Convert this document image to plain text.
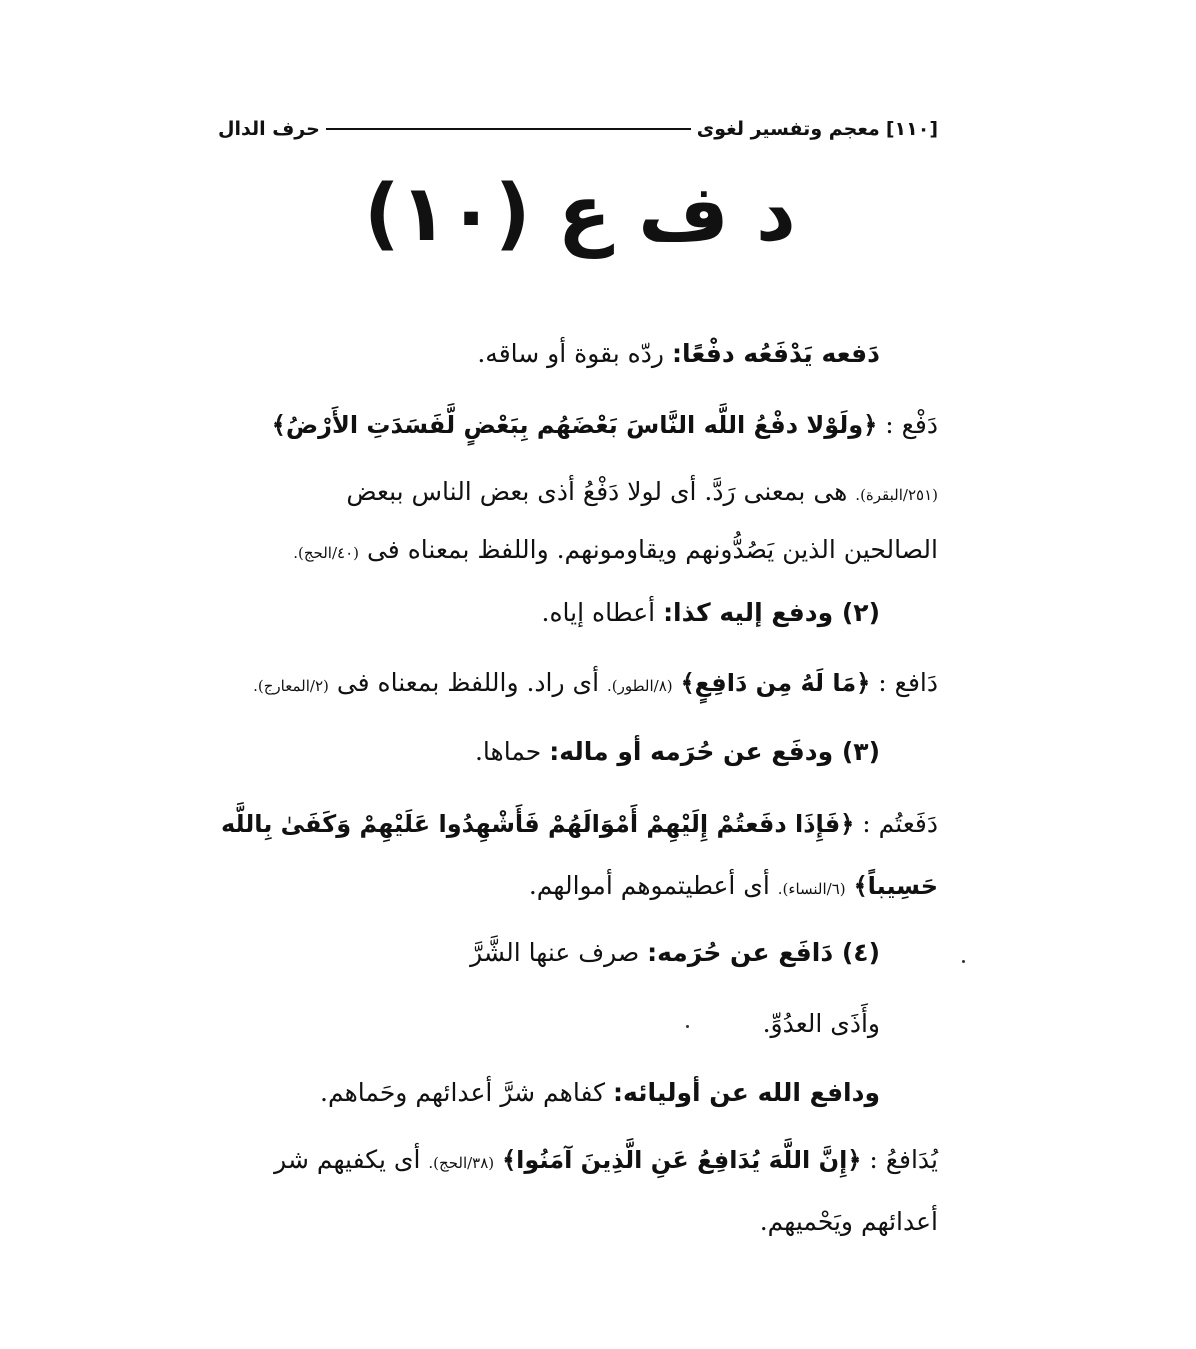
[١١٠]
معجم وتفسير لغوى
حرف الدال
د ف ع (١٠)
دَفعه يَدْفَعُه دفْعًا: ردّه بقوة أو ساقه.
دَفْع : ﴿ولَوْلا دفْعُ اللَّه النَّاسَ بَعْضَهُم بِبَعْضٍ لَّفَسَدَتِ الأَرْضُ﴾
(٢٥١/البقرة). هى بمعنى رَدَّ. أى لولا دَفْعُ أذى بعض الناس ببعض
الصالحين الذين يَصُدُّونهم ويقاومونهم. واللفظ بمعناه فى (٤٠/الحج).
(٢) ودفع إليه كذا: أعطاه إياه.
دَافع : ﴿مَا لَهُ مِن دَافِعٍ﴾ (٨/الطور). أى راد. واللفظ بمعناه فى (٢/المعارج).
(٣) ودفَع عن حُرَمه أو ماله: حماها.
دَفَعتُم : ﴿فَإِذَا دفَعتُمْ إِلَيْهِمْ أَمْوَالَهُمْ فَأَشْهِدُوا عَلَيْهِمْ وَكَفَىٰ بِاللَّه
حَسِيباً﴾ (٦/النساء). أى أعطيتموهم أموالهم.
(٤) دَافَع عن حُرَمه: صرف عنها الشَّرَّ
وأَذَى العدُوِّ.
ودافع الله عن أوليائه: كفاهم شرَّ أعدائهم وحَماهم.
يُدَافعُ : ﴿إِنَّ اللَّهَ يُدَافِعُ عَنِ الَّذِينَ آمَنُوا﴾ (٣٨/الحج). أى يكفيهم شر
أعدائهم ويَحْميهم.
